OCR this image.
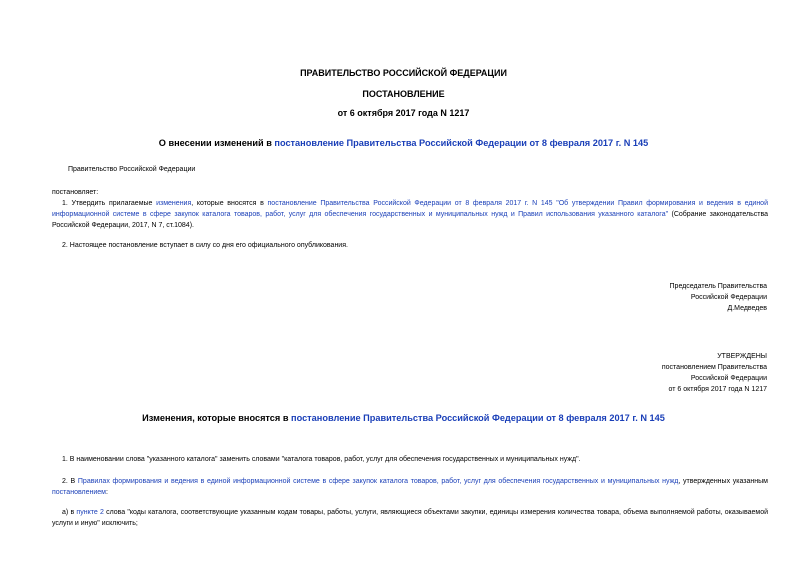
ПРАВИТЕЛЬСТВО РОССИЙСКОЙ ФЕДЕРАЦИИ
ПОСТАНОВЛЕНИЕ
от 6 октября 2017 года N 1217
О внесении изменений в постановление Правительства Российской Федерации от 8 февраля 2017 г. N 145
Правительство Российской Федерации
постановляет:
1. Утвердить прилагаемые изменения, которые вносятся в постановление Правительства Российской Федерации от 8 февраля 2017 г. N 145 "Об утверждении Правил формирования и ведения в единой информационной системе в сфере закупок каталога товаров, работ, услуг для обеспечения государственных и муниципальных нужд и Правил использования указанного каталога" (Собрание законодательства Российской Федерации, 2017, N 7, ст.1084).
2. Настоящее постановление вступает в силу со дня его официального опубликования.
Председатель Правительства
Российской Федерации
Д.Медведев
УТВЕРЖДЕНЫ
постановлением Правительства
Российской Федерации
от 6 октября 2017 года N 1217
Изменения, которые вносятся в постановление Правительства Российской Федерации от 8 февраля 2017 г. N 145
1. В наименовании слова "указанного каталога" заменить словами "каталога товаров, работ, услуг для обеспечения государственных и муниципальных нужд".
2. В Правилах формирования и ведения в единой информационной системе в сфере закупок каталога товаров, работ, услуг для обеспечения государственных и муниципальных нужд, утвержденных указанным постановлением:
а) в пункте 2 слова "коды каталога, соответствующие указанным кодам товары, работы, услуги, являющиеся объектами закупки, единицы измерения количества товара, объема выполняемой работы, оказываемой услуги и иную" исключить;
